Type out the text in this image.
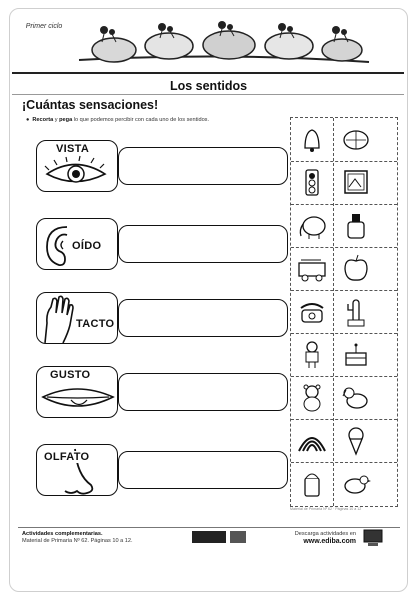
Primer ciclo
Los sentidos
¡Cuántas sensaciones!
● Recorta y pega lo que podemos percibir con cada uno de los sentidos.
VISTA
OÍDO
TACTO
GUSTO
OLFATO
Material de Primaria Nº 62 · Páginas 10 a 12
Actividades complementarias.
Material de Primaria Nº 62. Páginas 10 a 12.
Descarga actividades en
www.ediba.com
